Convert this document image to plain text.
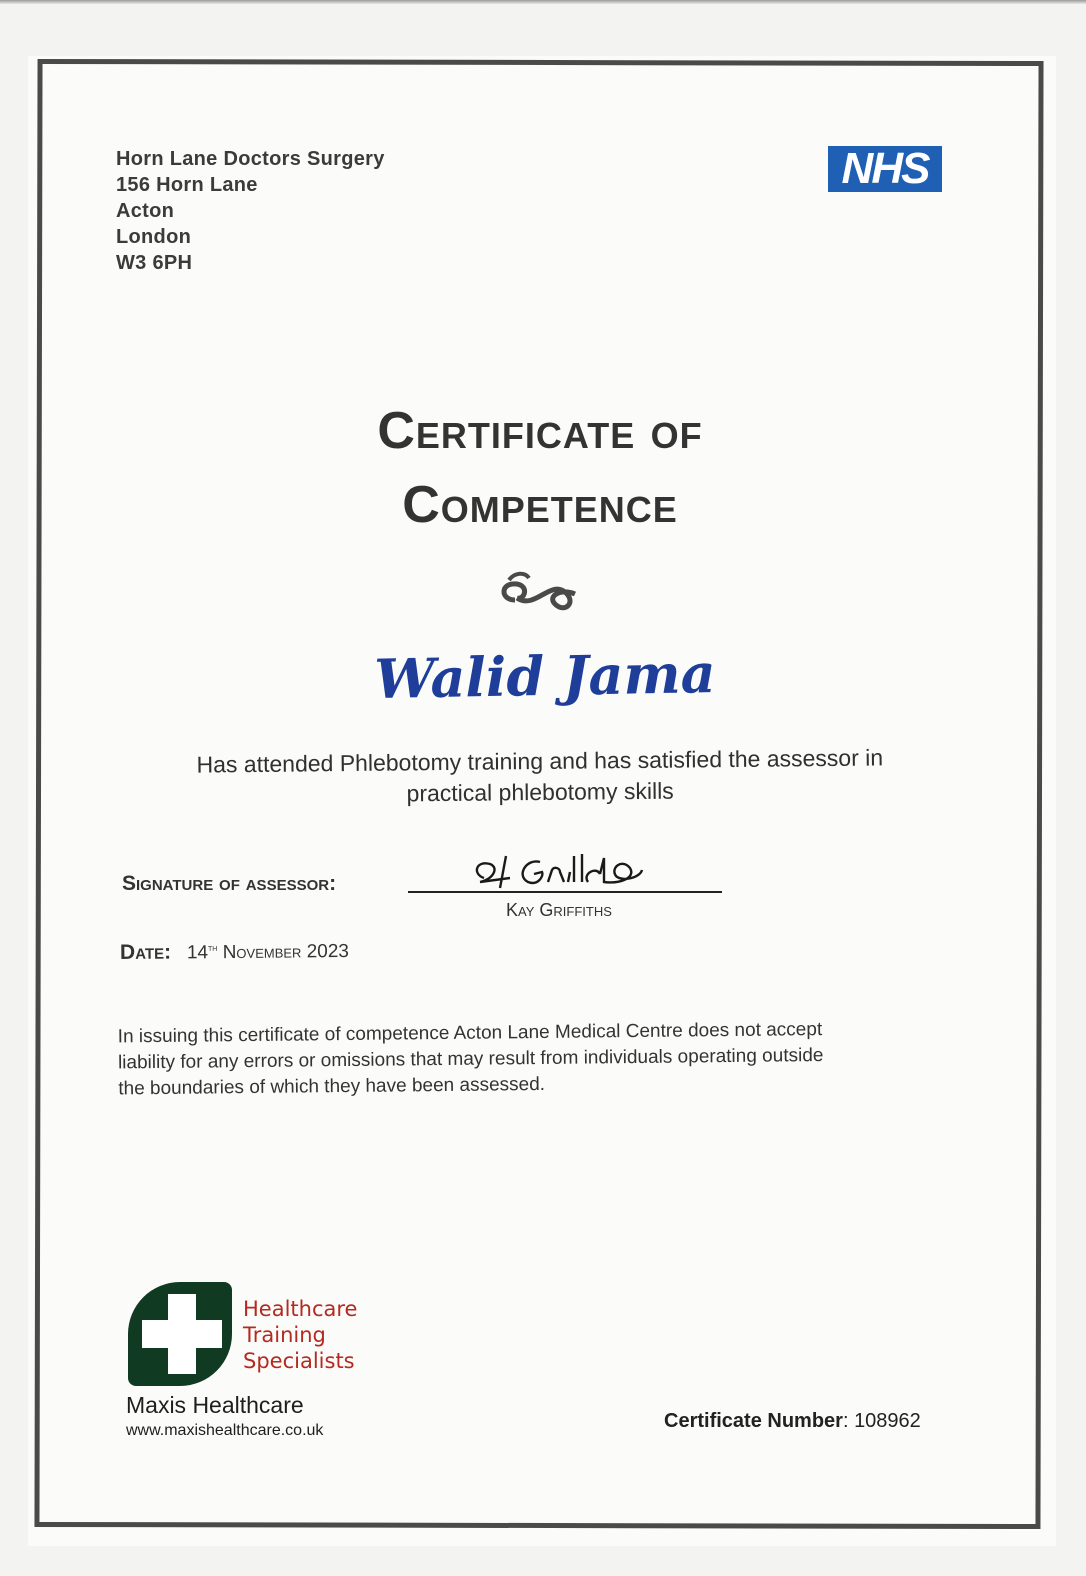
Horn Lane Doctors Surgery
156 Horn Lane
Acton
London
W3 6PH
NHS
Certificate of
Competence
Walid Jama
Has attended Phlebotomy training and has satisfied the assessor in
practical phlebotomy skills
Signature of assessor:
Kay Griffiths
Date: 14th November 2023
In issuing this certificate of competence Acton Lane Medical Centre does not accept
liability for any errors or omissions that may result from individuals operating outside
the boundaries of which they have been assessed.
Healthcare
Training
Specialists
Maxis Healthcare
www.maxishealthcare.co.uk	Certificate Number: 108962
